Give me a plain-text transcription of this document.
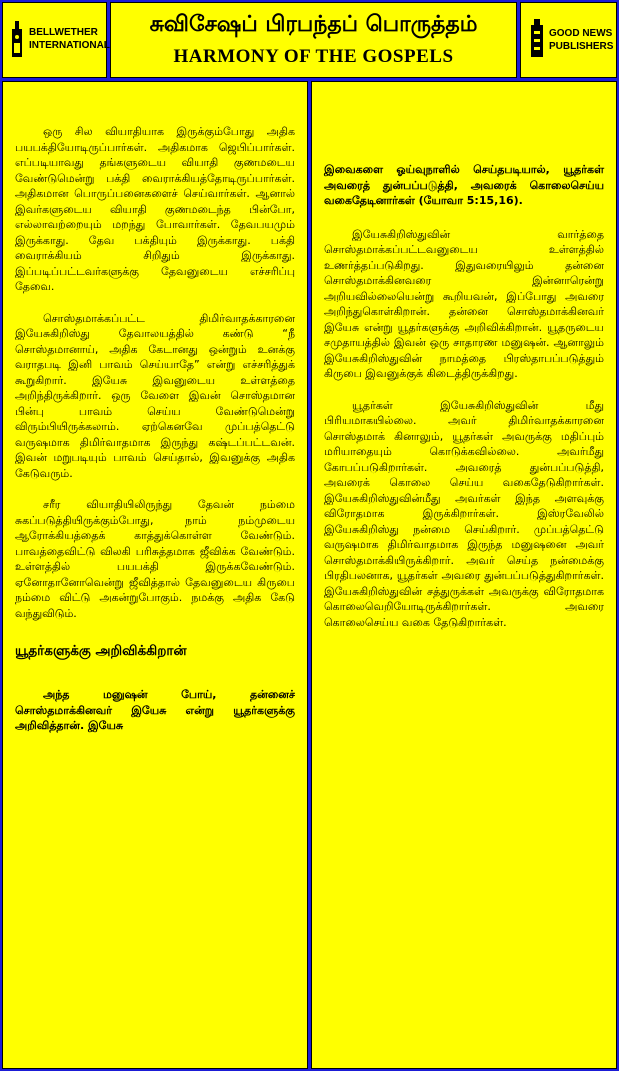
BELLWETHER
INTERNATIONAL
சுவிசேஷப் பிரபந்தப் பொருத்தம்
HARMONY OF THE GOSPELS
GOOD NEWS
PUBLISHERS

ஒரு சில வியாதியாக இருக்கும்போது அதிக பயபக்தியோடிருப்பார்கள். அதிகமாக ஜெபிப்பார்கள். எப்படியாவது தங்களுடைய வியாதி குணமடைய வேண்டுமென்று பக்தி வைராக்கியத்தோடிருப்பார்கள். அதிகமான பொருப்பனைகளைச் செய்வார்கள். ஆனால் இவர்களுடைய வியாதி குணமடைந்த பின்போ, எல்லாவற்றையும் மறந்து போவார்கள். தேவபயமும் இருக்காது. தேவ பக்தியும் இருக்காது. பக்தி வைராக்கியம் சிறிதும் இருக்காது. இப்படிப்பட்டவர்களுக்கு தேவனுடைய எச்சரிப்பு தேவை.

சொஸ்தமாக்கப்பட்ட திமிர்வாதக்காரனை இயேசுகிறிஸ்து தேவாலயத்தில் கண்டு “நீ சொஸ்தமானாய், அதிக கேடானது ஒன்றும் உனக்கு வராதபடி இனி பாவம் செய்யாதே” என்று எச்சரித்துக் கூறுகிறார். இயேசு இவனுடைய உள்ளத்தை அறிந்திருக்கிறார். ஒரு வேளை இவன் சொஸ்தமான பின்பு பாவம் செய்ய வேண்டுமென்று விரும்பியிருக்கலாம். ஏற்கெனவே முப்பத்தெட்டு வருஷமாக திமிர்வாதமாக இருந்து கஷ்டப்பட்டவன். இவன் மறுபடியும் பாவம் செய்தால், இவனுக்கு அதிக கேடுவரும்.

சரீர வியாதியிலிருந்து தேவன் நம்மை சுகப்படுத்தியிருக்கும்போது, நாம் நம்முடைய ஆரோக்கியத்தைக் காத்துக்கொள்ள வேண்டும். பாவத்தைவிட்டு விலகி பரிசுத்தமாக ஜீவிக்க வேண்டும். உள்ளத்தில் பயபக்தி இருக்கவேண்டும். ஏனோதானோவென்று ஜீவித்தால் தேவனுடைய கிருபை நம்மை விட்டு அகன்றுபோகும். நமக்கு அதிக கேடு வந்துவிடும்.

யூதர்களுக்கு அறிவிக்கிறான்

அந்த மனுஷன் போய், தன்னைச் சொஸ்தமாக்கினவர் இயேசு என்று யூதர்களுக்கு அறிவித்தான். இயேசு

இவைகளை ஓய்வுநாளில் செய்தபடியால், யூதர்கள் அவரைத் துன்பப்படுத்தி, அவரைக் கொலைசெய்ய வகைதேடினார்கள் (யோவா 5:15,16).

இயேசுகிறிஸ்துவின் வார்த்தை சொஸ்தமாக்கப்பட்டவனுடைய உள்ளத்தில் உணர்த்தப்படுகிறது. இதுவரையிலும் தன்னை சொஸ்தமாக்கினவரை இன்னாரென்று அறியவில்லையென்று கூறியவன், இப்போது அவரை அறிந்துகொள்கிறான். தன்னை சொஸ்தமாக்கினவர் இயேசு என்று யூதர்களுக்கு அறிவிக்கிறான். யூதருடைய சமுதாயத்தில் இவன் ஒரு சாதாரண மனுஷன். ஆனாலும் இயேசுகிறிஸ்துவின் நாமத்தை பிரஸ்தாபப்படுத்தும் கிருபை இவனுக்குக் கிடைத்திருக்கிறது.

யூதர்கள் இயேசுகிறிஸ்துவின் மீது பிரியமாகயில்லை. அவர் திமிர்வாதக்காரனை சொஸ்தமாக் கினாலும், யூதர்கள் அவருக்கு மதிப்பும் மரியாதையும் கொடுக்கவில்லை. அவர்மீது கோபப்படுகிறார்கள். அவரைத் துன்பப்படுத்தி, அவரைக் கொலை செய்ய வகைதேடுகிறார்கள். இயேசுகிறிஸ்துவின்மீது அவர்கள் இந்த அளவுக்கு விரோதமாக இருக்கிறார்கள். இஸ்ரவேலில் இயேசுகிறிஸ்து நன்மை செய்கிறார். முப்பத்தெட்டு வருஷமாக திமிர்வாதமாக இருந்த மனுஷனை அவர் சொஸ்தமாக்கியிருக்கிறார். அவர் செய்த நன்மைக்கு பிரதிபலனாக, யூதர்கள் அவரை துன்பப்படுத்துகிறார்கள். இயேசுகிறிஸ்துவின் சத்துருக்கள் அவருக்கு விரோதமாக கொலைவெறியோடிருக்கிறார்கள். அவரை கொலைசெய்ய வகை தேடுகிறார்கள்.
